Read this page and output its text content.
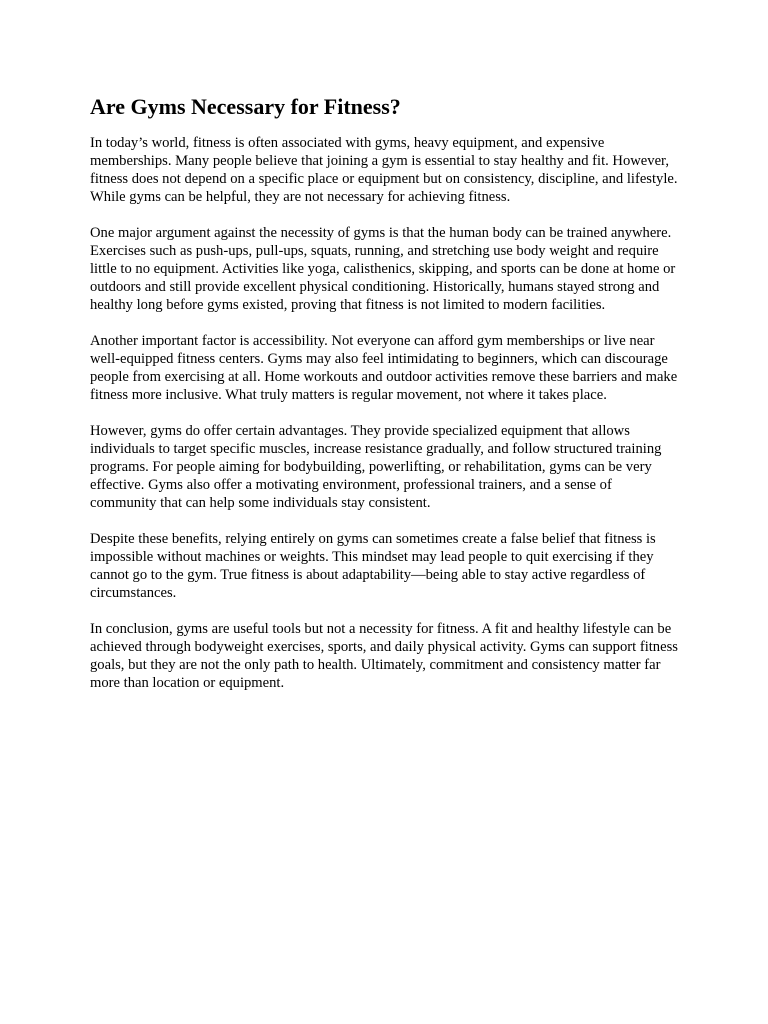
Are Gyms Necessary for Fitness?

In today’s world, fitness is often associated with gyms, heavy equipment, and expensive memberships. Many people believe that joining a gym is essential to stay healthy and fit. However, fitness does not depend on a specific place or equipment but on consistency, discipline, and lifestyle. While gyms can be helpful, they are not necessary for achieving fitness.

One major argument against the necessity of gyms is that the human body can be trained anywhere. Exercises such as push-ups, pull-ups, squats, running, and stretching use body weight and require little to no equipment. Activities like yoga, calisthenics, skipping, and sports can be done at home or outdoors and still provide excellent physical conditioning. Historically, humans stayed strong and healthy long before gyms existed, proving that fitness is not limited to modern facilities.

Another important factor is accessibility. Not everyone can afford gym memberships or live near well-equipped fitness centers. Gyms may also feel intimidating to beginners, which can discourage people from exercising at all. Home workouts and outdoor activities remove these barriers and make fitness more inclusive. What truly matters is regular movement, not where it takes place.

However, gyms do offer certain advantages. They provide specialized equipment that allows individuals to target specific muscles, increase resistance gradually, and follow structured training programs. For people aiming for bodybuilding, powerlifting, or rehabilitation, gyms can be very effective. Gyms also offer a motivating environment, professional trainers, and a sense of community that can help some individuals stay consistent.

Despite these benefits, relying entirely on gyms can sometimes create a false belief that fitness is impossible without machines or weights. This mindset may lead people to quit exercising if they cannot go to the gym. True fitness is about adaptability—being able to stay active regardless of circumstances.

In conclusion, gyms are useful tools but not a necessity for fitness. A fit and healthy lifestyle can be achieved through bodyweight exercises, sports, and daily physical activity. Gyms can support fitness goals, but they are not the only path to health. Ultimately, commitment and consistency matter far more than location or equipment.
